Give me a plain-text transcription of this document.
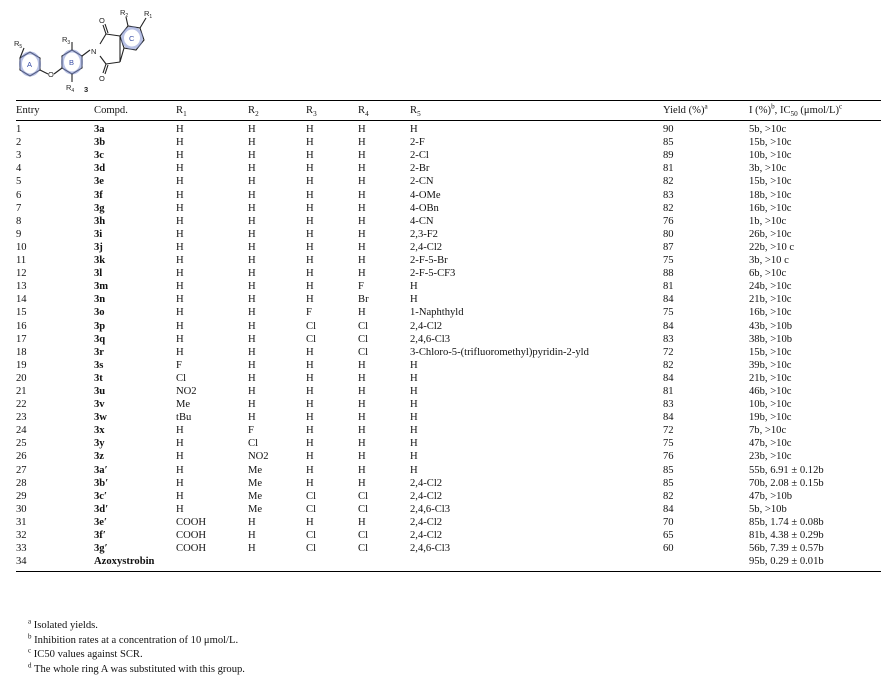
A	B
C
O
N
O
O
$R_5$
$R_3$
$R_4$ 3
$R_2$ $R_1$
Entry	Compd.	$R_1$	$R_2$	$R_3$	$R_4$	$R_5$	Yield (%)$^a$	I (%)$^b$, $IC_{50}$ $(\mu mol/L)^c$
1	3a	H	H	H	H	H	90	5b, >10c
2	3b	H	H	H	H	2-F	85	15b, >10c
3	3c	H	H	H	H	2-Cl	89	10b, >10c
4	3d	H	H	H	H	2-Br	81	3b, >10c
5	3e	H	H	H	H	2-CN	82	15b, >10c
6	3f	H	H	H	H	4-OMe	83	18b, >10c
7	3g	H	H	H	H	4-OBn	82	16b, >10c
8	3h	H	H	H	H	4-CN	76	1b, >10c
9	3i	H	H	H	H	2,3-F2	80	26b, >10c
10	3j	H	H	H	H	2,4-Cl2	87	22b, >10 c
11	3k	H	H	H	H	2-F-5-Br	75	3b, >10 c
12	3l	H	H	H	H	2-F-5-CF3	88	6b, >10c
13	3m	H	H	H	F	H	81	24b, >10c
14	3n	H	H	H	Br	H	84	21b, >10c
15	3o	H	H	F	H	1-Naphthyld	75	16b, >10c
16	3p	H	H	Cl	Cl	2,4-Cl2	84	43b, >10b
17	3q	H	H	Cl	Cl	2,4,6-Cl3	83	38b, >10b
18	3r	H	H	H	Cl	3-Chloro-5-(trifluoromethyl)pyridin-2-yld	72	15b, >10c
19	3s	F	H	H	H	H	82	39b, >10c
20	3t	Cl	H	H	H	H	84	21b, >10c
21	3u	NO2	H	H	H	H	81	46b, >10c
22	3v	Me	H	H	H	H	83	10b, >10c
23	3w	tBu	H	H	H	H	84	19b, >10c
24	3x	H	F	H	H	H	72	7b, >10c
25	3y	H	Cl	H	H	H	75	47b, >10c
26	3z	H	NO2	H	H	H	76	23b, >10c
27	3a′	H	Me	H	H	H	85	55b, 6.91 ± 0.12b
28	3b′	H	Me	H	H	2,4-Cl2	85	70b, 2.08 ± 0.15b
29	3c′	H	Me	Cl	Cl	2,4-Cl2	82	47b, >10b
30	3d′	H	Me	Cl	Cl	2,4,6-Cl3	84	5b, >10b
31	3e′	COOH	H	H	H	2,4-Cl2	70	85b, 1.74 ± 0.08b
32	3f′	COOH	H	Cl	Cl	2,4-Cl2	65	81b, 4.38 ± 0.29b
33	3g′	COOH	H	Cl	Cl	2,4,6-Cl3	60	56b, 7.39 ± 0.57b
34	Azoxystrobin							95b, 0.29 ± 0.01b
$^a$ Isolated yields.
$^b$ Inhibition rates at a concentration of 10 μmol/L.
$^c$ IC50 values against SCR.
$^d$ The whole ring A was substituted with this group.
